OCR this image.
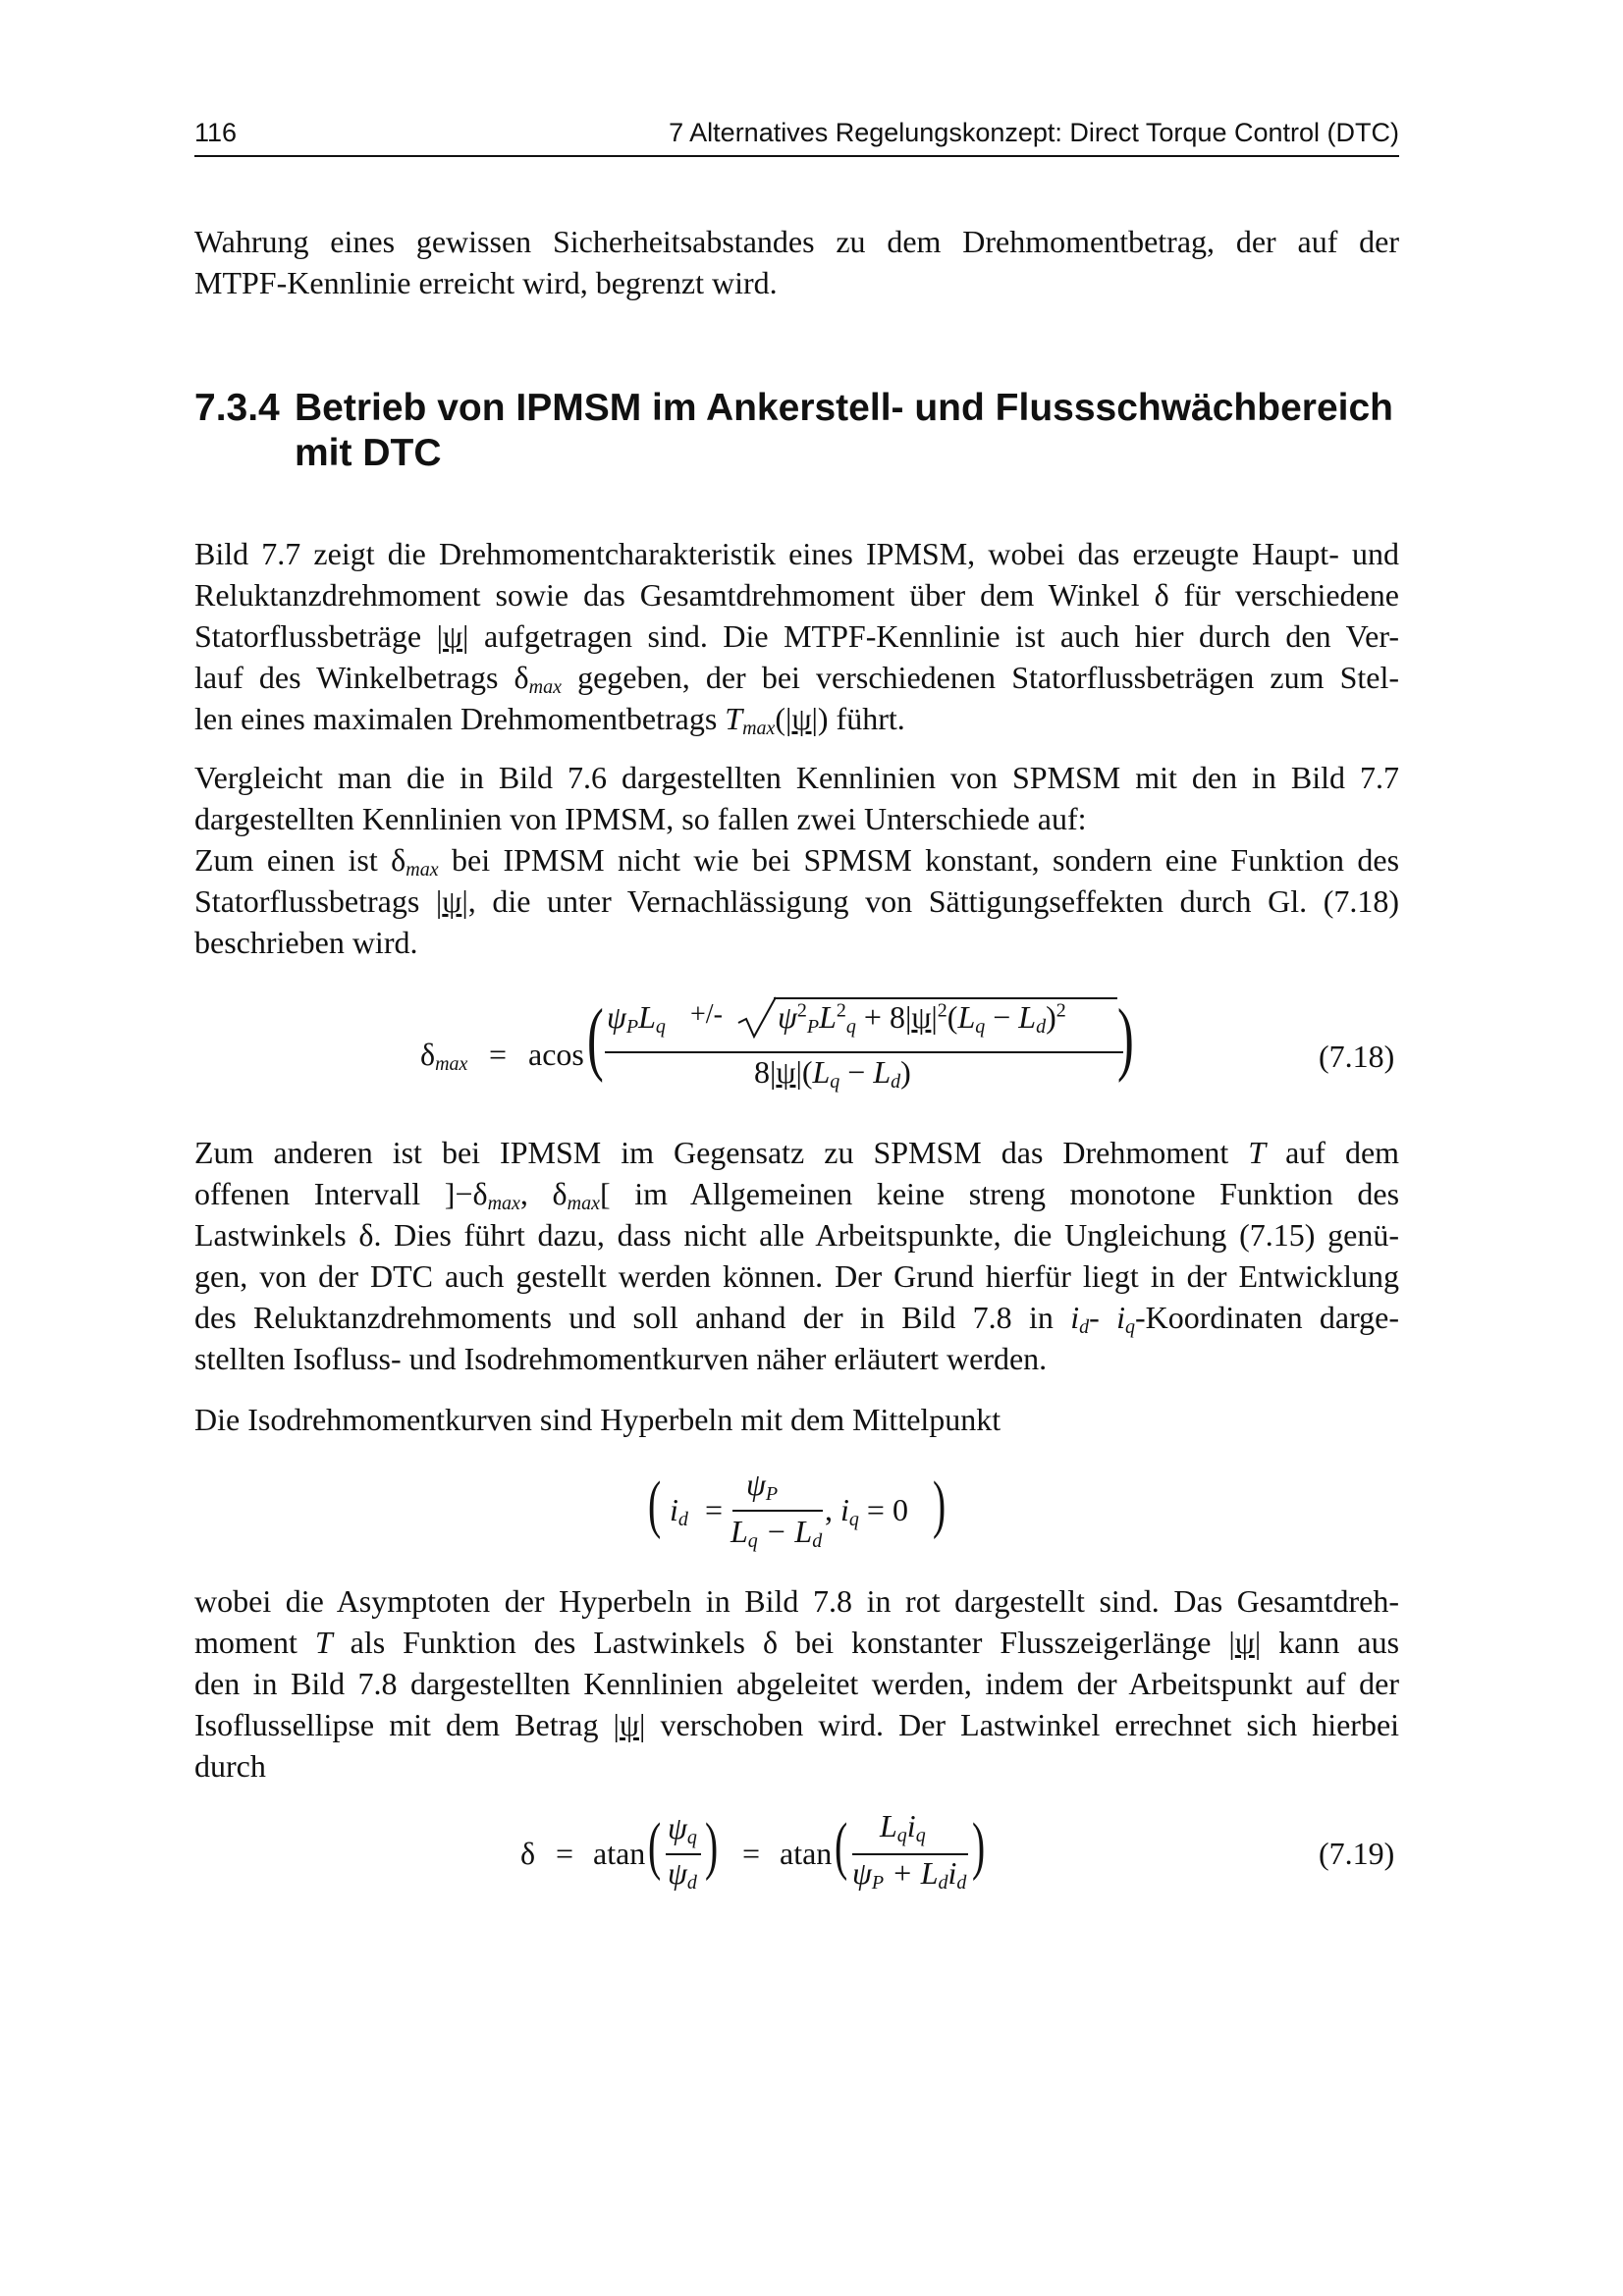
116	7 Alternatives Regelungskonzept: Direct Torque Control (DTC)
Wahrung eines gewissen Sicherheitsabstandes zu dem Drehmomentbetrag, der auf der
MTPF-Kennlinie erreicht wird, begrenzt wird.
7.3.4 Betrieb von IPMSM im Ankerstell- und Flussschwächbereich
mit DTC
Bild 7.7 zeigt die Drehmomentcharakteristik eines IPMSM, wobei das erzeugte Haupt- und
Reluktanzdrehmoment sowie das Gesamtdrehmoment über dem Winkel δ für verschiedene
Statorflussbeträge |ψ| aufgetragen sind. Die MTPF-Kennlinie ist auch hier durch den Ver-
lauf des Winkelbetrags $\delta_{max}$ gegeben, der bei verschiedenen Statorflussbeträgen zum Stel-
len eines maximalen Drehmomentbetrags $T_{max}(|\psi|)$ führt.
Vergleicht man die in Bild 7.6 dargestellten Kennlinien von SPMSM mit den in Bild 7.7
dargestellten Kennlinien von IPMSM, so fallen zwei Unterschiede auf:
Zum einen ist $\delta_{max}$ bei IPMSM nicht wie bei SPMSM konstant, sondern eine Funktion des
Statorflussbetrags |ψ|, die unter Vernachlässigung von Sättigungseffekten durch Gl. (7.18)
beschrieben wird.
$\delta_{max} = acos$ ( $\psi_PL_q$ +/- $\psi^2_PL^2_q + 8|\psi|^2(L_q - L_d)^2$
$8|\psi|(L_q - L_d)$	)	(7.18)
Zum anderen ist bei IPMSM im Gegensatz zu SPMSM das Drehmoment T auf dem
offenen Intervall ]$-\delta_{max}$, $\delta_{max}$[ im Allgemeinen keine streng monotone Funktion des
Lastwinkels δ. Dies führt dazu, dass nicht alle Arbeitspunkte, die Ungleichung (7.15) genü-
gen, von der DTC auch gestellt werden können. Der Grund hierfür liegt in der Entwicklung
des Reluktanzdrehmoments und soll anhand der in Bild 7.8 in $i_d-$ $i_q$-Koordinaten darge-
stellten Isofluss- und Isodrehmomentkurven näher erläutert werden.
Die Isodrehmomentkurven sind Hyperbeln mit dem Mittelpunkt
( $i_d$ =
$\psi_P$
$L_q - L_d$
, $i_q = 0$ )
wobei die Asymptoten der Hyperbeln in Bild 7.8 in rot dargestellt sind. Das Gesamtdreh-
moment T als Funktion des Lastwinkels δ bei konstanter Flusszeigerlänge |ψ| kann aus
den in Bild 7.8 dargestellten Kennlinien abgeleitet werden, indem der Arbeitspunkt auf der
Isoflussellipse mit dem Betrag |ψ| verschoben wird. Der Lastwinkel errechnet sich hierbei
durch
δ = atan ( $\psi_q$
$\psi_d$
) = atan ( $L_qi_q$
$\psi_P + L_di_d$
)	(7.19)
